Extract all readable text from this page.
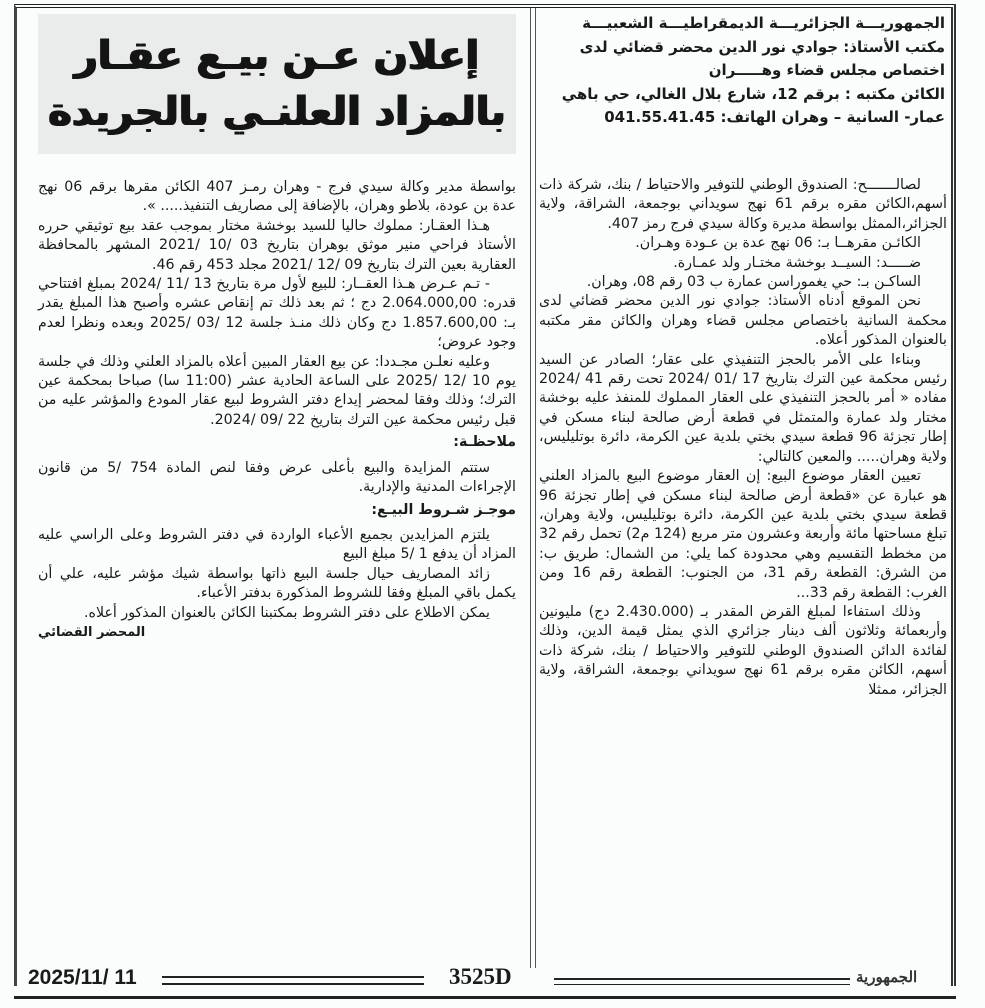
الجمهوريـــة الجزائريـــة الديمقراطيـــة الشعبيـــة
مكتب الأستاذ: جوادي نور الدين محضر قضائي لدى
اختصاص مجلس قضاء وهـــــران
الكائن مكتبه : برقم 12، شارع بلال الغالي، حي باهي
عمار- السانية – وهران الهاتف: 041.55.41.45
إعلان عـن بيـع عقـار
بالمزاد العلنـي بالجريدة

لصالـــــــح: الصندوق الوطني للتوفير والاحتياط / بنك، شركة ذات أسهم،الكائن مقره برقم 61 نهج سويداني بوجمعة، الشراقة، ولاية الجزائر،الممثل بواسطة مديرة وكالة سيدي فرج رمز 407.

الكائـن مقرهــا بـ: 06 نهج عدة بن عـودة وهـران.

ضـــــد: السيــد بوخشة مختـار ولد عمـارة.

الساكـن بـ: حي يغموراسن عمارة ب 03 رقم 08، وهران.

نحن الموقع أدناه الأستاذ: جوادي نور الدين محضر قضائي لدى محكمة السانية باختصاص مجلس قضاء وهران والكائن مقر مكتبه بالعنوان المذكور أعلاه.

وبناءا على الأمر بالحجز التنفيذي على عقار؛ الصادر عن السيد رئيس محكمة عين الترك بتاريخ 17 /01 /2024 تحت رقم 41 /2024 مفاده « أمر بالحجز التنفيذي على العقار المملوك للمنفذ عليه بوخشة مختار ولد عمارة والمتمثل في قطعة أرض صالحة لبناء مسكن في إطار تجزئة 96 قطعة سيدي بختي بلدية عين الكرمة، دائرة بوتليليس، ولاية وهران..... والمعين كالتالي:

تعيين العقار موضوع البيع: إن العقار موضوع البيع بالمزاد العلني هو عبارة عن «قطعة أرض صالحة لبناء مسكن في إطار تجزئة 96 قطعة سيدي بختي بلدية عين الكرمة، دائرة بوتليليس، ولاية وهران، تبلغ مساحتها مائة وأربعة وعشرون متر مربع (124 م2) تحمل رقم 32 من مخطط التقسيم وهي محدودة كما يلي: من الشمال: طريق ب: من الشرق: القطعة رقم 31، من الجنوب: القطعة رقم 16 ومن الغرب: القطعة رقم 33...

وذلك استفاءا لمبلغ القرض المقدر بـ (2.430.000 دج) مليونين وأربعمائة وثلاثون ألف دينار جزائري الذي يمثل قيمة الدين، وذلك لفائدة الدائن الصندوق الوطني للتوفير والاحتياط / بنك، شركة ذات أسهم، الكائن مقره برقم 61 نهج سويداني بوجمعة، الشراقة، ولاية الجزائر، ممثلا

بواسطة مدير وكالة سيدي فرج - وهران رمـز 407 الكائن مقرها برقم 06 نهج عدة بن عودة، بلاطو وهران، بالإضافة إلى مصاريف التنفيذ..... ».

هـذا العقـار: مملوك حاليا للسيد بوخشة مختار بموجب عقد بيع توثيقي حرره الأستاذ فراحي منير موثق بوهران بتاريخ 03 /10 /2021 المشهر بالمحافظة العقارية بعين الترك بتاريخ 09 /12 /2021 مجلد 453 رقم 46.

- تـم عـرض هـذا العقــار: للبيع لأول مرة بتاريخ 13 /11 /2024 بمبلغ افتتاحي قدره: 2.064.000,00 دج ؛ ثم بعد ذلك تم إنقاص عشره وأصبح هذا المبلغ يقدر بـ: 1.857.600,00 دج وكان ذلك منـذ جلسة 12 /03 /2025 وبعده ونظرا لعدم وجود عروض؛

وعليه نعلـن مجـددا: عن بيع العقار المبين أعلاه بالمزاد العلني وذلك في جلسة يوم 10 /12 /2025 على الساعة الحادية عشر (11:00 سا) صباحا بمحكمة عين الترك؛ وذلك وفقا لمحضر إيداع دفتر الشروط لبيع عقار المودع والمؤشر عليه من قبل رئيس محكمة عين الترك بتاريخ 22 /09 /2024.

ملاحظـة:

ستتم المزايدة والبيع بأعلى عرض وفقا لنص المادة 754 /5 من قانون الإجراءات المدنية والإدارية.

موجـز شـروط البيـع:

يلتزم المزايدين بجميع الأعباء الواردة في دفتر الشروط وعلى الراسي عليه المزاد أن يدفع 1 /5 مبلغ البيع

زائد المصاريف حيال جلسة البيع ذاتها بواسطة شيك مؤشر عليه، علي أن يكمل باقي المبلغ وفقا للشروط المذكورة بدفتر الأعباء.

يمكن الاطلاع على دفتر الشروط بمكتبنا الكائن بالعنوان المذكور أعلاه.

المحضر القضائي

2025/11/ 11	3525D	الجمهورية
